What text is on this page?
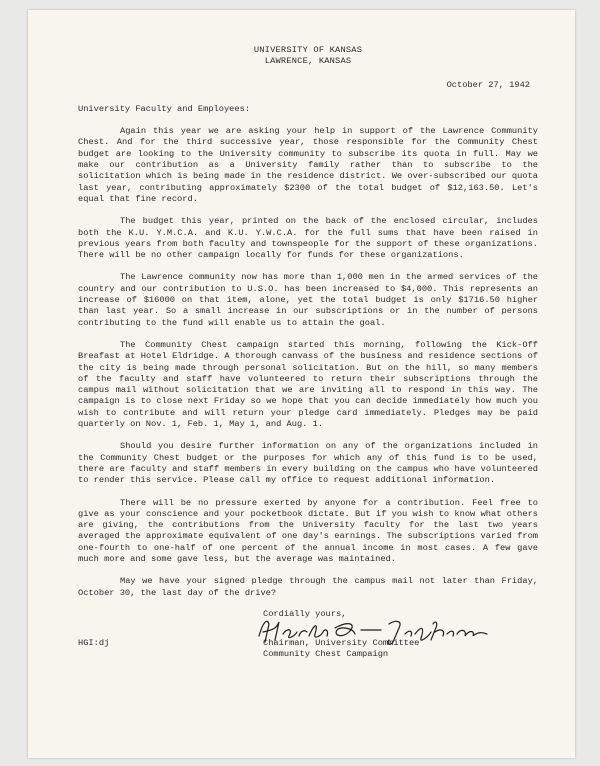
UNIVERSITY OF KANSAS
LAWRENCE, KANSAS
October 27, 1942
University Faculty and Employees:
Again this year we are asking your help in support of the Lawrence Community Chest. And for the third successive year, those responsible for the Community Chest budget are looking to the University community to subscribe its quota in full. May we make our contribution as a University family rather than to subscribe to the solicitation which is being made in the residence district. We over-subscribed our quota last year, contributing approximately $2300 of the total budget of $12,163.50. Let's equal that fine record.
The budget this year, printed on the back of the enclosed circular, includes both the K.U. Y.M.C.A. and K.U. Y.W.C.A. for the full sums that have been raised in previous years from both faculty and townspeople for the support of these organizations. There will be no other campaign locally for funds for these organizations.
The Lawrence community now has more than 1,000 men in the armed services of the country and our contribution to U.S.O. has been increased to $4,000. This represents an increase of $16000 on that item, alone, yet the total budget is only $1716.50 higher than last year. So a small increase in our subscriptions or in the number of persons contributing to the fund will enable us to attain the goal.
The Community Chest campaign started this morning, following the Kick-Off Breafast at Hotel Eldridge. A thorough canvass of the business and residence sections of the city is being made through personal solicitation. But on the hill, so many members of the faculty and staff have volunteered to return their subscriptions through the campus mail without solicitation that we are inviting all to respond in this way. The campaign is to close next Friday so we hope that you can decide immediately how much you wish to contribute and will return your pledge card immediately. Pledges may be paid quarterly on Nov. 1, Feb. 1, May 1, and Aug. 1.
Should you desire further information on any of the organizations included in the Community Chest budget or the purposes for which any of this fund is to be used, there are faculty and staff members in every building on the campus who have volunteered to render this service. Please call my office to request additional information.
There will be no pressure exerted by anyone for a contribution. Feel free to give as your conscience and your pocketbook dictate. But if you wish to know what others are giving, the contributions from the University faculty for the last two years averaged the approximate equivalent of one day's earnings. The subscriptions varied from one-fourth to one-half of one percent of the annual income in most cases. A few gave much more and some gave less, but the average was maintained.
May we have your signed pledge through the campus mail not later than Friday, October 30, the last day of the drive?
Cordially yours,
Chairman, University Committee
Community Chest Campaign
HGI:dj
